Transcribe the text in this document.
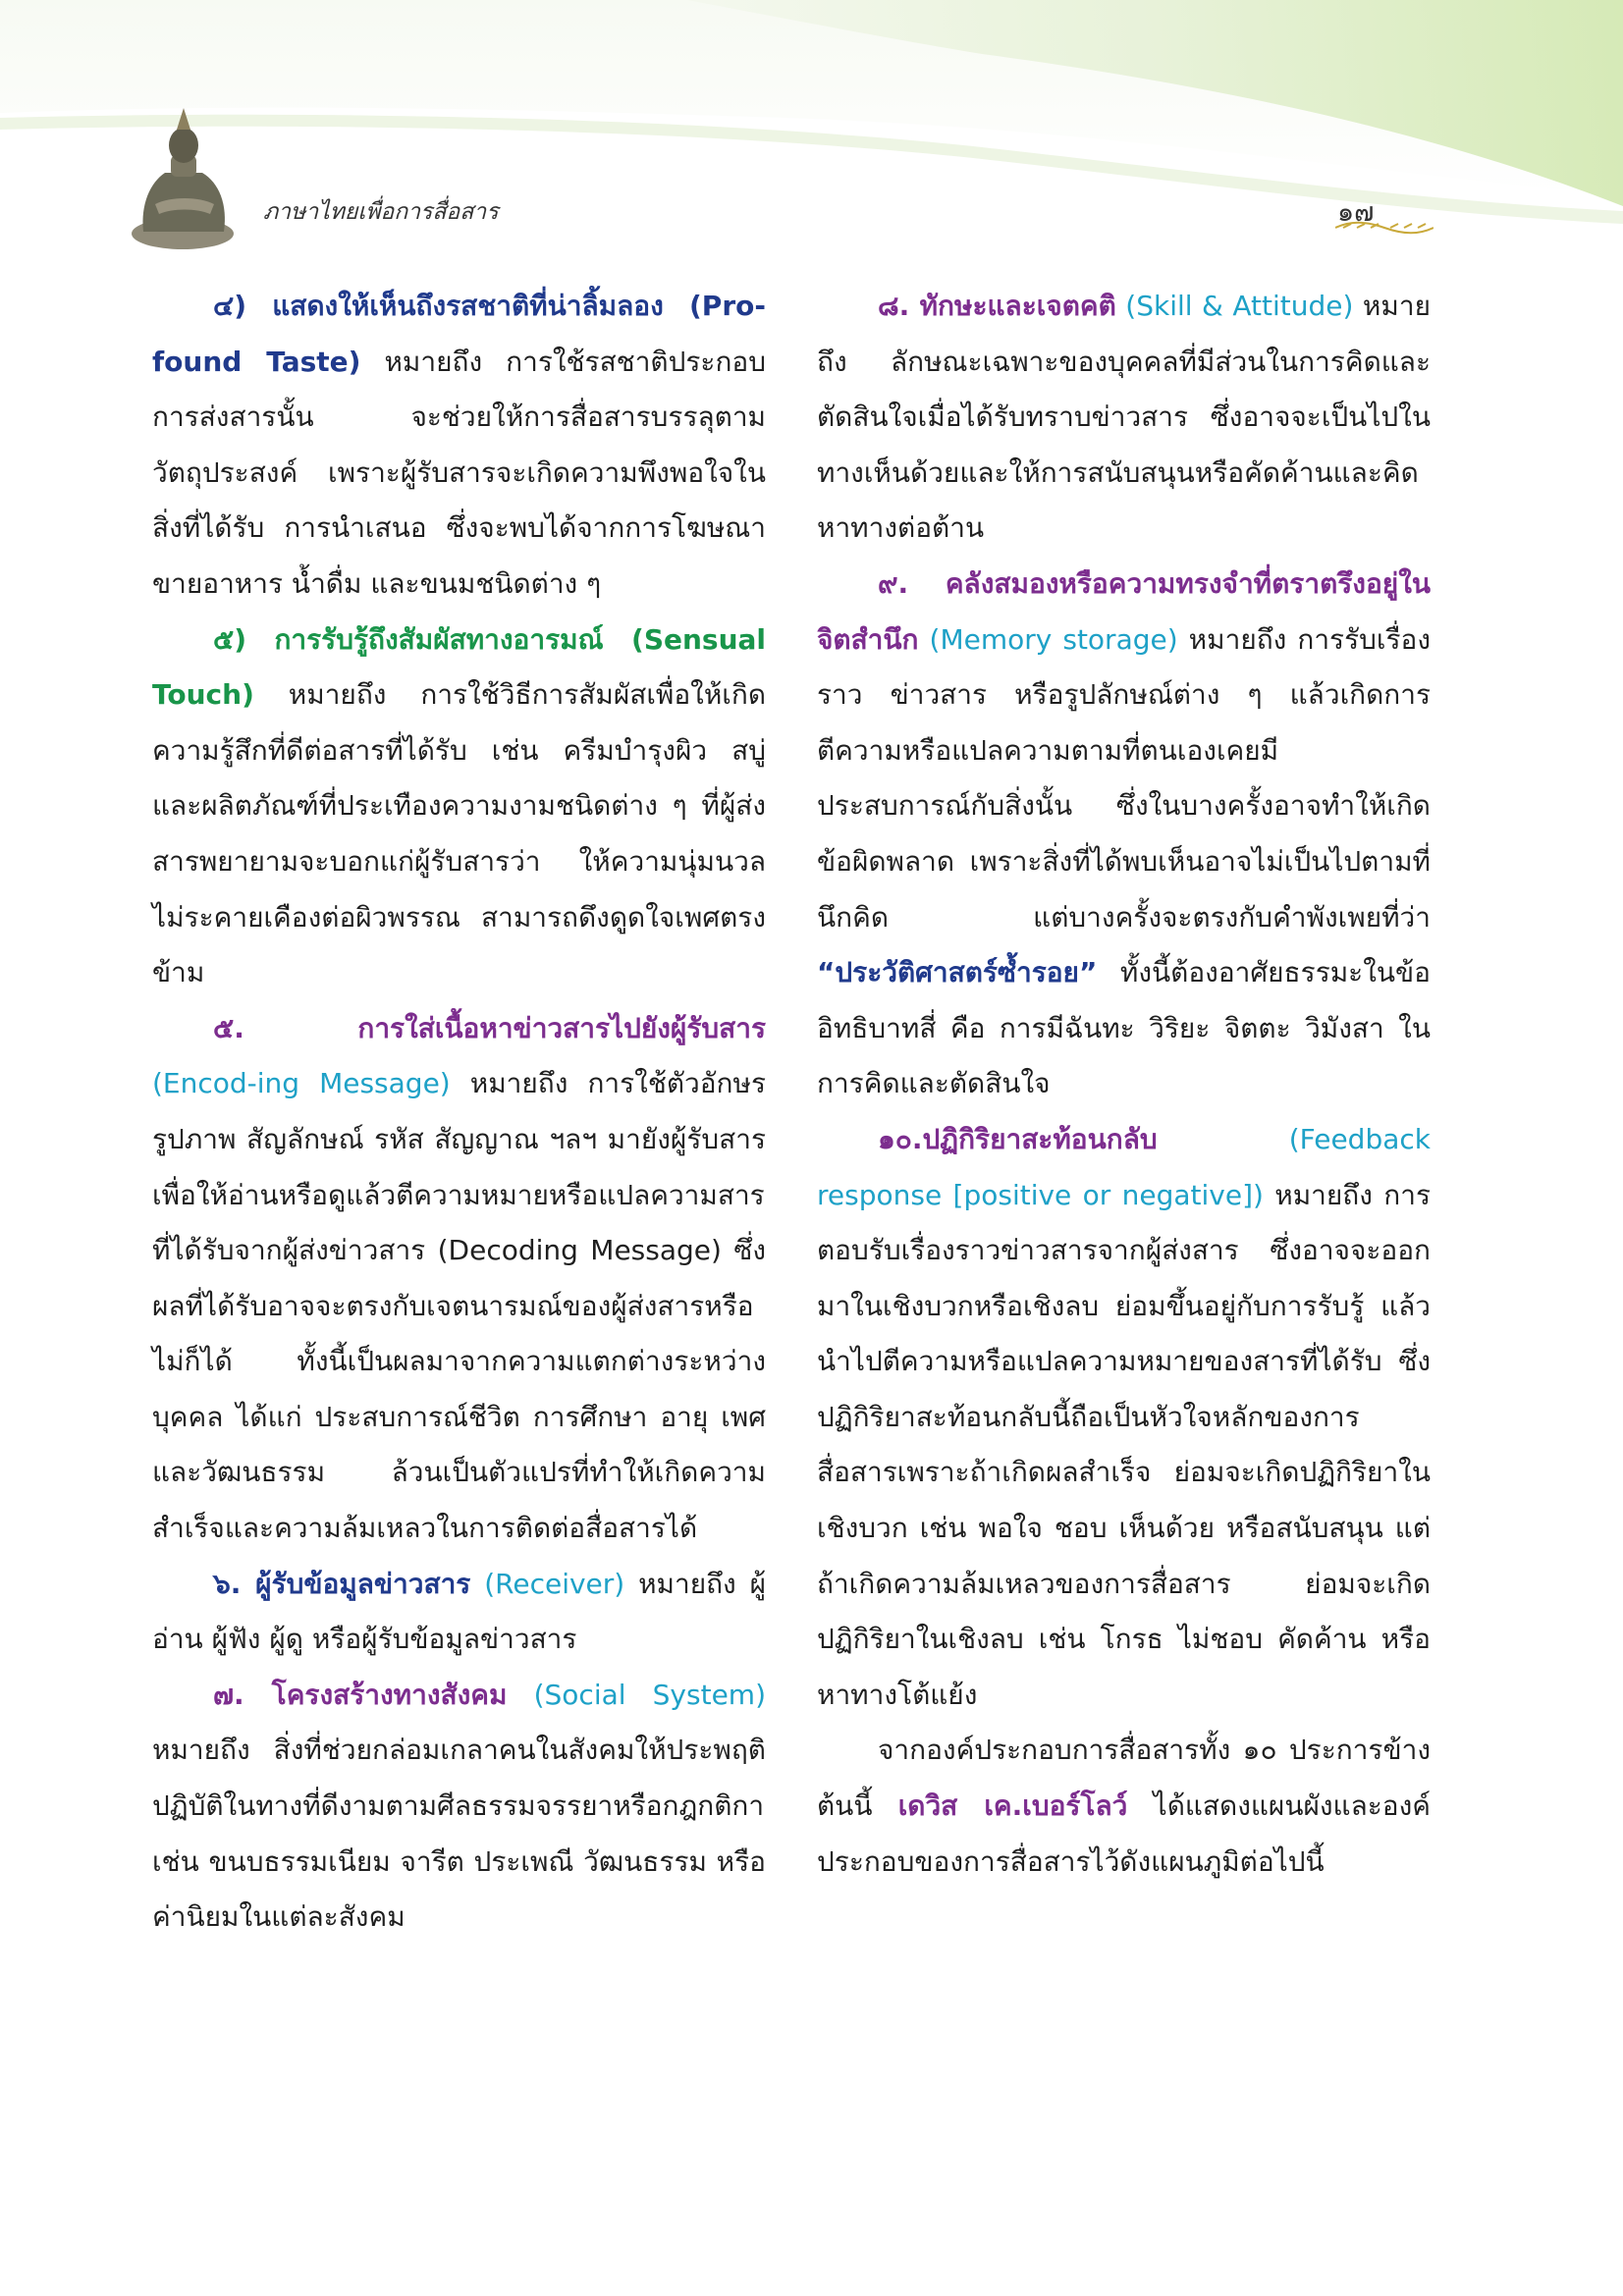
ภาษาไทยเพื่อการสื่อสาร	๑๗

๔) แสดงให้เห็นถึงรสชาติที่น่าลิ้มลอง (Pro-found Taste) หมายถึง การใช้รสชาติประกอบการส่งสารนั้น จะช่วยให้การสื่อสารบรรลุตามวัตถุประสงค์ เพราะผู้รับสารจะเกิดความพึงพอใจในสิ่งที่ได้รับ การนำเสนอ ซึ่งจะพบได้จากการโฆษณาขายอาหาร น้ำดื่ม และขนมชนิดต่าง ๆ

๕) การรับรู้ถึงสัมผัสทางอารมณ์ (Sensual Touch) หมายถึง การใช้วิธีการสัมผัสเพื่อให้เกิดความรู้สึกที่ดีต่อสารที่ได้รับ เช่น ครีมบำรุงผิว สบู่ และผลิตภัณฑ์ที่ประเทืองความงามชนิดต่าง ๆ ที่ผู้ส่งสารพยายามจะบอกแก่ผู้รับสารว่า ให้ความนุ่มนวลไม่ระคายเคืองต่อผิวพรรณ สามารถดึงดูดใจเพศตรงข้าม

๕. การใส่เนื้อหาข่าวสารไปยังผู้รับสาร (Encod-ing Message) หมายถึง การใช้ตัวอักษร รูปภาพ สัญลักษณ์ รหัส สัญญาณ ฯลฯ มายังผู้รับสารเพื่อให้อ่านหรือดูแล้วตีความหมายหรือแปลความสารที่ได้รับจากผู้ส่งข่าวสาร (Decoding Message) ซึ่งผลที่ได้รับอาจจะตรงกับเจตนารมณ์ของผู้ส่งสารหรือไม่ก็ได้ ทั้งนี้เป็นผลมาจากความแตกต่างระหว่างบุคคล ได้แก่ ประสบการณ์ชีวิต การศึกษา อายุ เพศ และวัฒนธรรม ล้วนเป็นตัวแปรที่ทำให้เกิดความสำเร็จและความล้มเหลวในการติดต่อสื่อสารได้

๖. ผู้รับข้อมูลข่าวสาร (Receiver) หมายถึง ผู้อ่าน ผู้ฟัง ผู้ดู หรือผู้รับข้อมูลข่าวสาร

๗. โครงสร้างทางสังคม (Social System) หมายถึง สิ่งที่ช่วยกล่อมเกลาคนในสังคมให้ประพฤติปฏิบัติในทางที่ดีงามตามศีลธรรมจรรยาหรือกฎกติกา เช่น ขนบธรรมเนียม จารีต ประเพณี วัฒนธรรม หรือค่านิยมในแต่ละสังคม

๘. ทักษะและเจตคติ (Skill & Attitude) หมายถึง ลักษณะเฉพาะของบุคคลที่มีส่วนในการคิดและตัดสินใจเมื่อได้รับทราบข่าวสาร ซึ่งอาจจะเป็นไปในทางเห็นด้วยและให้การสนับสนุนหรือคัดค้านและคิดหาทางต่อต้าน

๙. คลังสมองหรือความทรงจำที่ตราตรึงอยู่ในจิตสำนึก (Memory storage) หมายถึง การรับเรื่องราว ข่าวสาร หรือรูปลักษณ์ต่าง ๆ แล้วเกิดการตีความหรือแปลความตามที่ตนเองเคยมีประสบการณ์กับสิ่งนั้น ซึ่งในบางครั้งอาจทำให้เกิดข้อผิดพลาด เพราะสิ่งที่ได้พบเห็นอาจไม่เป็นไปตามที่นึกคิด แต่บางครั้งจะตรงกับคำพังเพยที่ว่า “ประวัติศาสตร์ซ้ำรอย” ทั้งนี้ต้องอาศัยธรรมะในข้ออิทธิบาทสี่ คือ การมีฉันทะ วิริยะ จิตตะ วิมังสา ในการคิดและตัดสินใจ

๑๐.ปฏิกิริยาสะท้อนกลับ (Feedback response [positive or negative]) หมายถึง การตอบรับเรื่องราวข่าวสารจากผู้ส่งสาร ซึ่งอาจจะออกมาในเชิงบวกหรือเชิงลบ ย่อมขึ้นอยู่กับการรับรู้ แล้วนำไปตีความหรือแปลความหมายของสารที่ได้รับ ซึ่งปฏิกิริยาสะท้อนกลับนี้ถือเป็นหัวใจหลักของการสื่อสารเพราะถ้าเกิดผลสำเร็จ ย่อมจะเกิดปฏิกิริยาในเชิงบวก เช่น พอใจ ชอบ เห็นด้วย หรือสนับสนุน แต่ถ้าเกิดความล้มเหลวของการสื่อสาร ย่อมจะเกิดปฏิกิริยาในเชิงลบ เช่น โกรธ ไม่ชอบ คัดค้าน หรือหาทางโต้แย้ง

จากองค์ประกอบการสื่อสารทั้ง ๑๐ ประการข้างต้นนี้ เดวิส เค.เบอร์โลว์ ได้แสดงแผนผังและองค์ประกอบของการสื่อสารไว้ดังแผนภูมิต่อไปนี้
